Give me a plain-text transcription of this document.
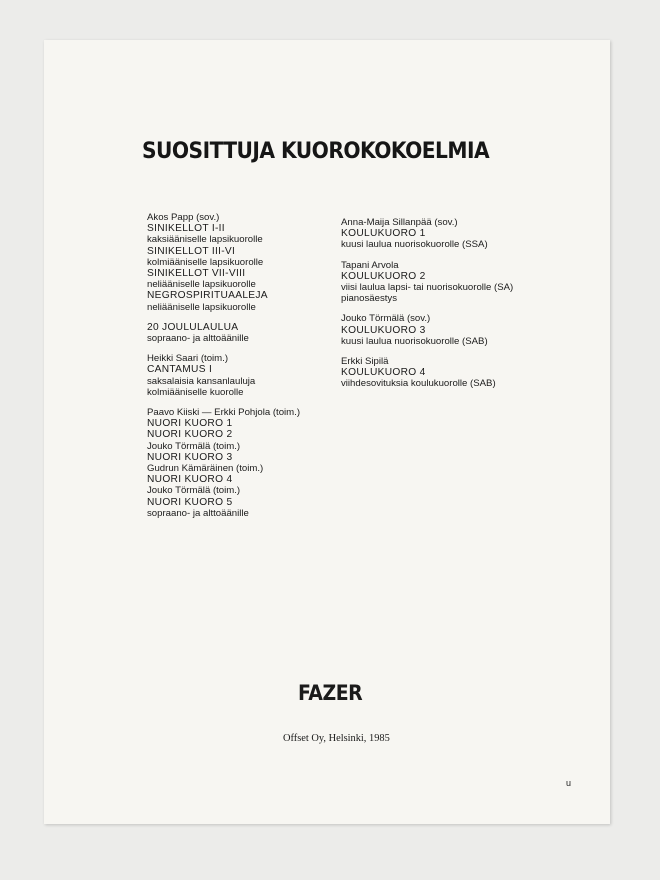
SUOSITTUJA KUOROKOKOELMIA
Akos Papp (sov.)
SINIKELLOT I-II
kaksiääniselle lapsikuorolle
SINIKELLOT III-VI
kolmiääniselle lapsikuorolle
SINIKELLOT VII-VIII
neliääniselle lapsikuorolle
NEGROSPIRITUAALEJA
neliääniselle lapsikuorolle
20 JOULULAULUA
sopraano- ja alttoäänille
Heikki Saari (toim.)
CANTAMUS I
saksalaisia kansanlauluja
kolmiääniselle kuorolle
Paavo Kiiski — Erkki Pohjola (toim.)
NUORI KUORO 1
NUORI KUORO 2
Jouko Törmälä (toim.)
NUORI KUORO 3
Gudrun Kämäräinen (toim.)
NUORI KUORO 4
Jouko Törmälä (toim.)
NUORI KUORO 5
sopraano- ja alttoäänille
Anna-Maija Sillanpää (sov.)
KOULUKUORO 1
kuusi laulua nuorisokuorolle (SSA)
Tapani Arvola
KOULUKUORO 2
viisi laulua lapsi- tai nuorisokuorolle (SA)
pianosäestys
Jouko Törmälä (sov.)
KOULUKUORO 3
kuusi laulua nuorisokuorolle (SAB)
Erkki Sipilä
KOULUKUORO 4
viihdesovituksia koulukuorolle (SAB)
FAZER
Offset Oy, Helsinki, 1985
u
